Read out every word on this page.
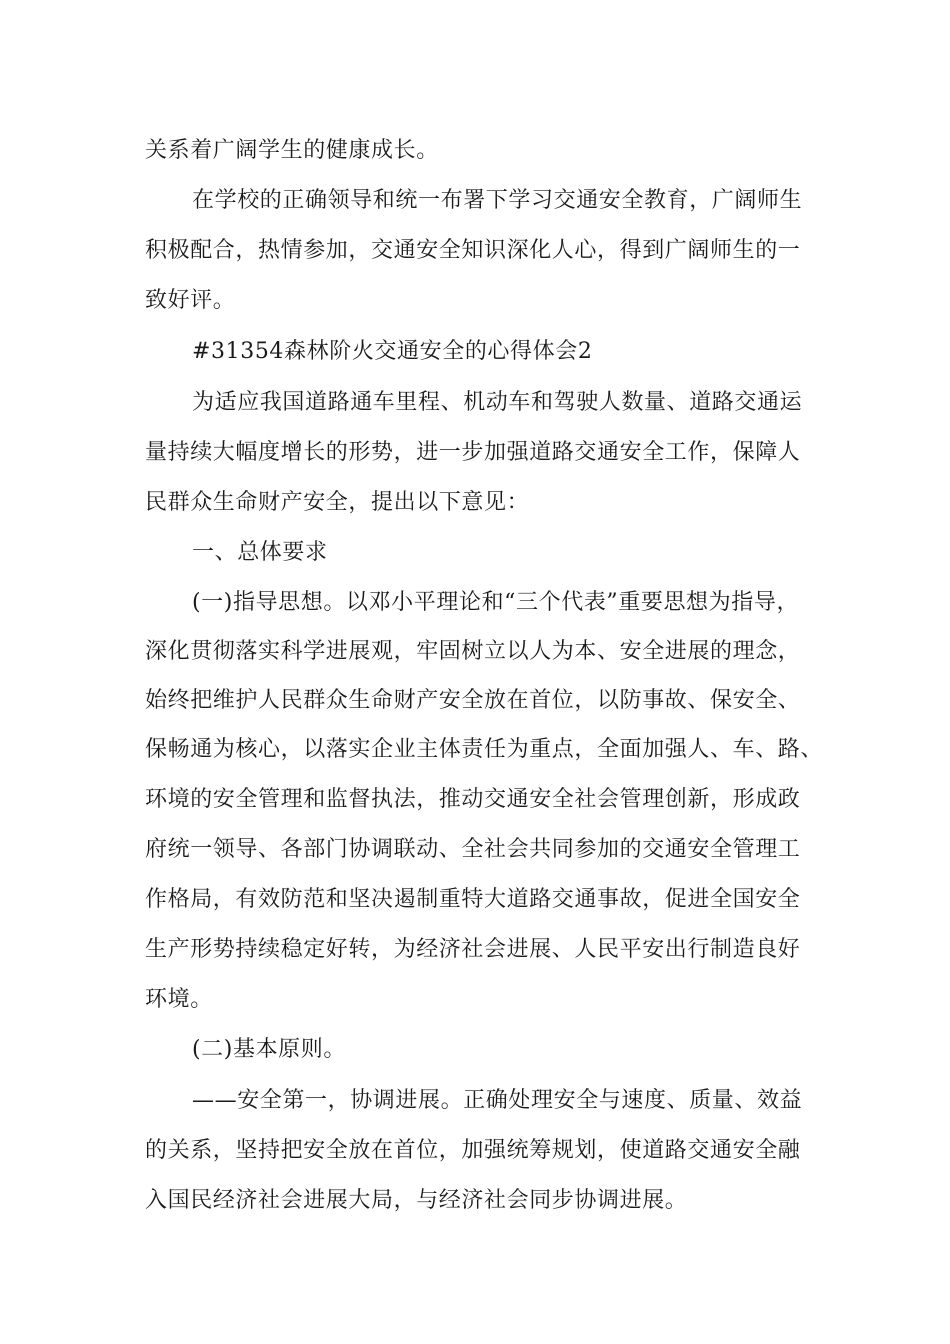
关系着广阔学生的健康成长。
在学校的正确领导和统一布署下学习交通安全教育，广阔师生
积极配合，热情参加，交通安全知识深化人心，得到广阔师生的一
致好评。
#31354森林阶火交通安全的心得体会2
为适应我国道路通车里程、机动车和驾驶人数量、道路交通运
量持续大幅度增长的形势，进一步加强道路交通安全工作，保障人
民群众生命财产安全，提出以下意见：
一、总体要求
(一)指导思想。以邓小平理论和“三个代表”重要思想为指导，
深化贯彻落实科学进展观，牢固树立以人为本、安全进展的理念，
始终把维护人民群众生命财产安全放在首位，以防事故、保安全、
保畅通为核心，以落实企业主体责任为重点，全面加强人、车、路、
环境的安全管理和监督执法，推动交通安全社会管理创新，形成政
府统一领导、各部门协调联动、全社会共同参加的交通安全管理工
作格局，有效防范和坚决遏制重特大道路交通事故，促进全国安全
生产形势持续稳定好转，为经济社会进展、人民平安出行制造良好
环境。
(二)基本原则。
——安全第一，协调进展。正确处理安全与速度、质量、效益
的关系，坚持把安全放在首位，加强统筹规划，使道路交通安全融
入国民经济社会进展大局，与经济社会同步协调进展。
